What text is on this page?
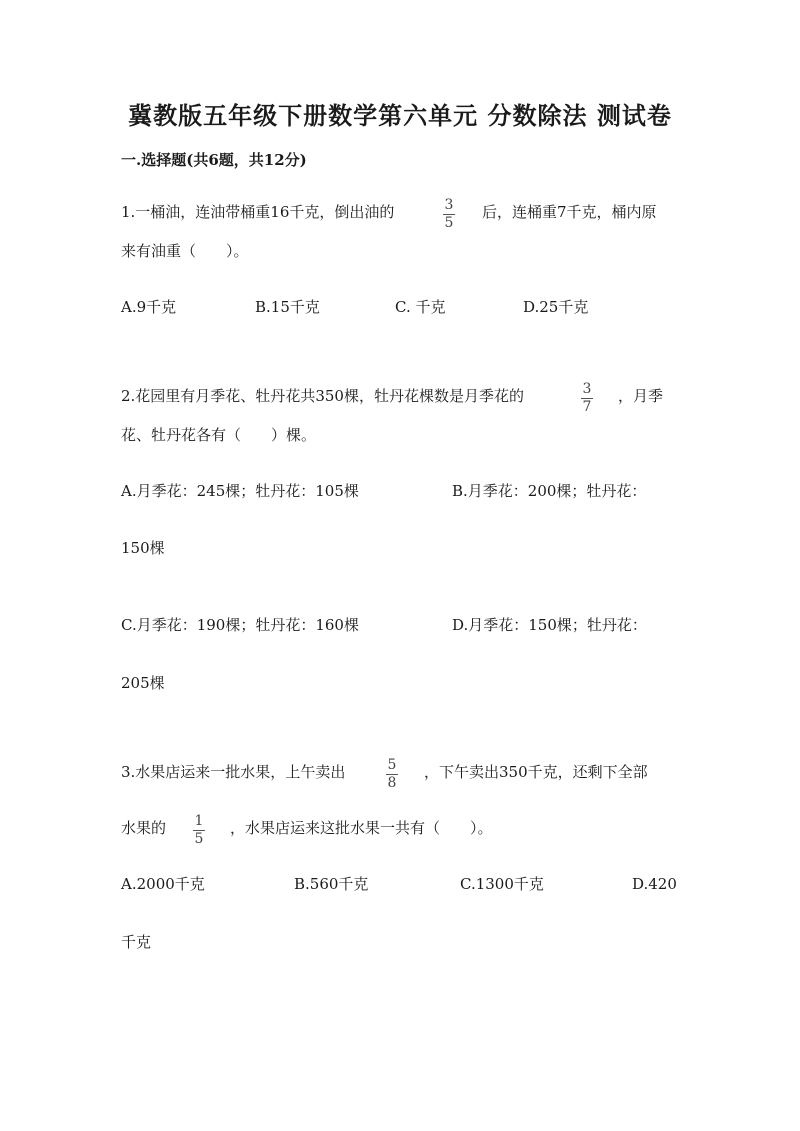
冀教版五年级下册数学第六单元 分数除法 测试卷
一.选择题(共6题，共12分)
1.一桶油，连油带桶重16千克，倒出油的	3
5
后，连桶重7千克，桶内原
来有油重（　　）。
A.9千克	B.15千克	C. 千克	D.25千克
2.花园里有月季花、牡丹花共350棵，牡丹花棵数是月季花的	3
7
，月季
花、牡丹花各有（　　）棵。
A.月季花：245棵；牡丹花：105棵	B.月季花：200棵；牡丹花：
150棵
C.月季花：190棵；牡丹花：160棵	D.月季花：150棵；牡丹花：
205棵
3.水果店运来一批水果，上午卖出	5
8
，下午卖出350千克，还剩下全部
水果的	1
5
，水果店运来这批水果一共有（　　）。
A.2000千克	B.560千克	C.1300千克	D.420
千克
